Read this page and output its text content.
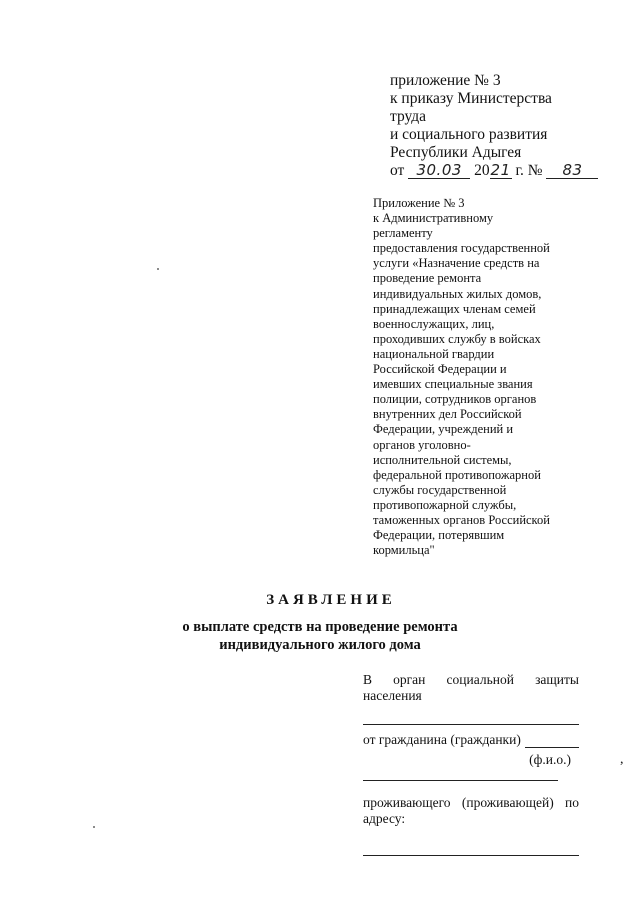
приложение № 3
к приказу Министерства
труда
и социального развития
Республики Адыгея
от 30.03 2021 г. № 83
Приложение № 3
к Административному
регламенту
предоставления государственной
услуги «Назначение средств на
проведение ремонта
индивидуальных жилых домов,
принадлежащих членам семей
военнослужащих, лиц,
проходивших службу в войсках
национальной гвардии
Российской Федерации и
имевших специальные звания
полиции, сотрудников органов
внутренних дел Российской
Федерации, учреждений и
органов уголовно-
исполнительной системы,
федеральной противопожарной
службы государственной
противопожарной службы,
таможенных органов Российской
Федерации, потерявшим
кормильца"
ЗАЯВЛЕНИЕ
о выплате средств на проведение ремонта
индивидуального жилого дома
В орган социальной защиты
населения
от гражданина (гражданки)
(ф.и.о.)
проживающего (проживающей) по
адресу:
,
